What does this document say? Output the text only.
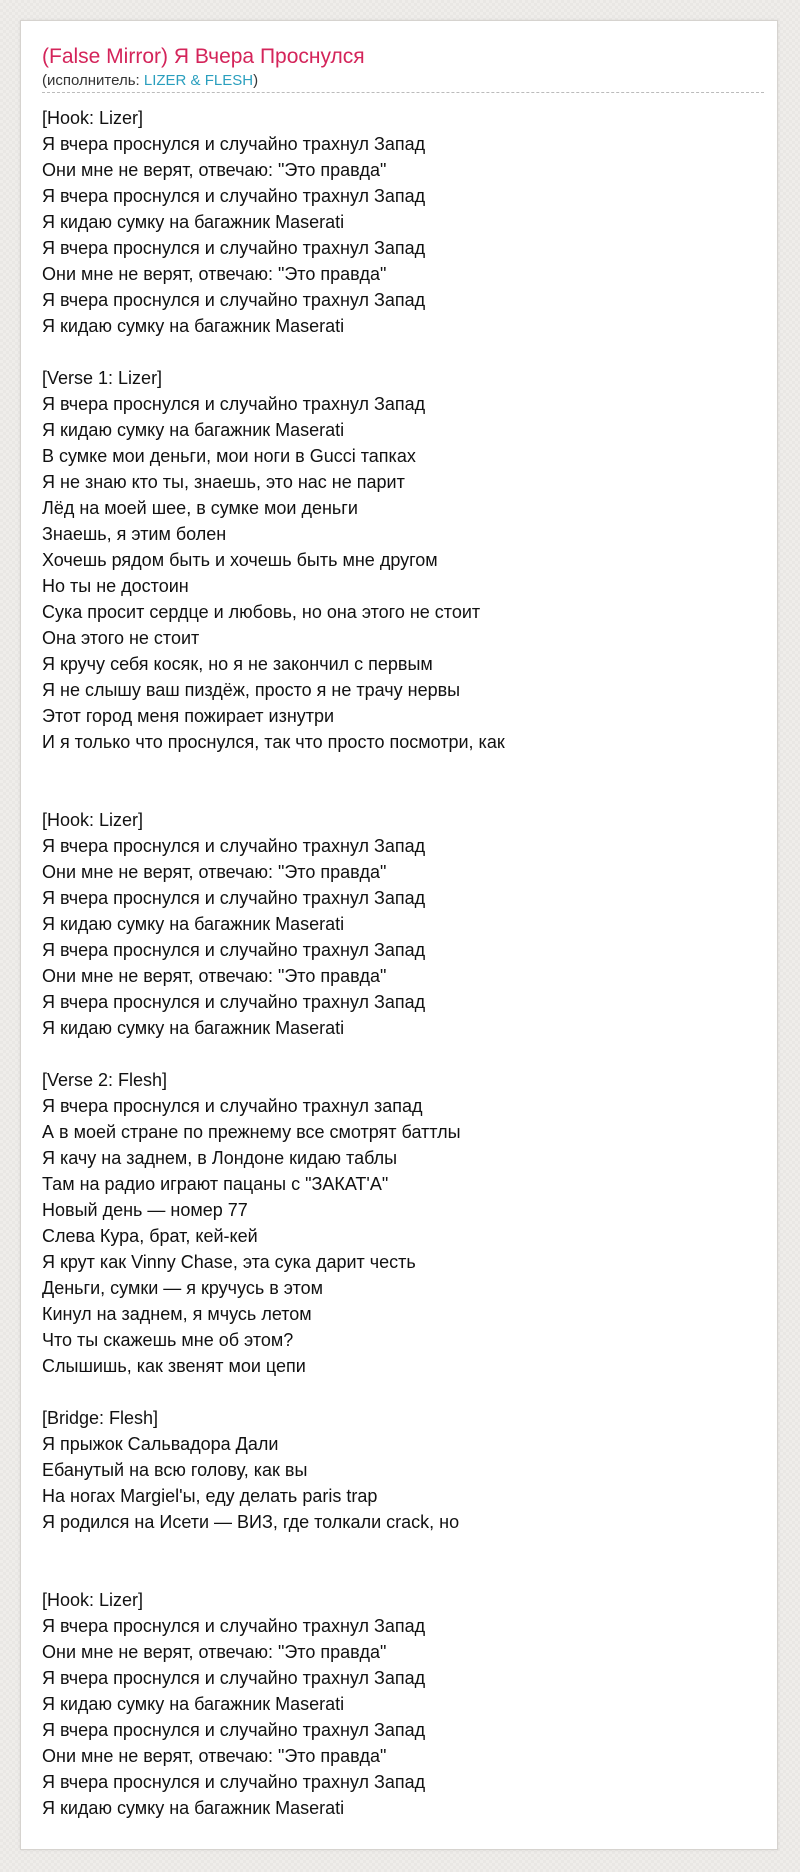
(False Mirror) Я Вчера Проснулся
(исполнитель: LIZER & FLESH)
[Hook: Lizer]
Я вчера проснулся и случайно трахнул Запад
Они мне не верят, отвечаю: "Это правда"
Я вчера проснулся и случайно трахнул Запад
Я кидаю сумку на багажник Maserati
Я вчера проснулся и случайно трахнул Запад
Они мне не верят, отвечаю: "Это правда"
Я вчера проснулся и случайно трахнул Запад
Я кидаю сумку на багажник Maserati
[Verse 1: Lizer]
Я вчера проснулся и случайно трахнул Запад
Я кидаю сумку на багажник Maserati
В сумке мои деньги, мои ноги в Gucci тапках
Я не знаю кто ты, знаешь, это нас не парит
Лёд на моей шее, в сумке мои деньги
Знаешь, я этим болен
Хочешь рядом быть и хочешь быть мне другом
Но ты не достоин
Сука просит сердце и любовь, но она этого не стоит
Она этого не стоит
Я кручу себя косяк, но я не закончил с первым
Я не слышу ваш пиздёж, просто я не трачу нервы
Этот город меня пожирает изнутри
И я только что проснулся, так что просто посмотри, как
[Hook: Lizer]
Я вчера проснулся и случайно трахнул Запад
Они мне не верят, отвечаю: "Это правда"
Я вчера проснулся и случайно трахнул Запад
Я кидаю сумку на багажник Maserati
Я вчера проснулся и случайно трахнул Запад
Они мне не верят, отвечаю: "Это правда"
Я вчера проснулся и случайно трахнул Запад
Я кидаю сумку на багажник Maserati
[Verse 2: Flesh]
Я вчера проснулся и случайно трахнул запад
А в моей стране по прежнему все смотрят баттлы
Я качу на заднем, в Лондоне кидаю таблы
Там на радио играют пацаны с "ЗАКАТ'А"
Новый день — номер 77
Слева Кура, брат, кей-кей
Я крут как Vinny Chase, эта сука дарит честь
Деньги, сумки — я кручусь в этом
Кинул на заднем, я мчусь летом
Что ты скажешь мне об этом?
Слышишь, как звенят мои цепи
[Bridge: Flesh]
Я прыжок Сальвадора Дали
Ебанутый на всю голову, как вы
На ногах Margiel'ы, еду делать paris trap
Я родился на Исети — ВИЗ, где толкали crack, но
[Hook: Lizer]
Я вчера проснулся и случайно трахнул Запад
Они мне не верят, отвечаю: "Это правда"
Я вчера проснулся и случайно трахнул Запад
Я кидаю сумку на багажник Maserati
Я вчера проснулся и случайно трахнул Запад
Они мне не верят, отвечаю: "Это правда"
Я вчера проснулся и случайно трахнул Запад
Я кидаю сумку на багажник Maserati
